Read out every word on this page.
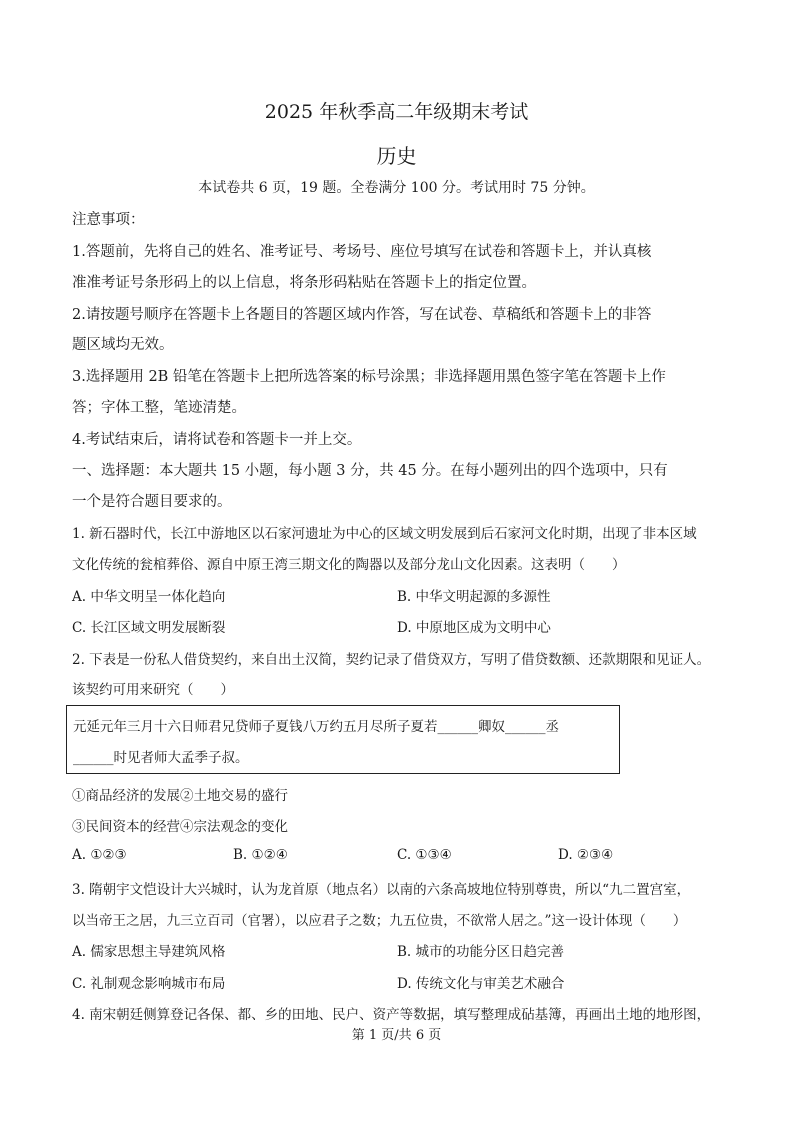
2025 年秋季高二年级期末考试
历史
本试卷共 6 页，19 题。全卷满分 100 分。考试用时 75 分钟。
注意事项：
1.答题前，先将自己的姓名、准考证号、考场号、座位号填写在试卷和答题卡上，并认真核
准准考证号条形码上的以上信息，将条形码粘贴在答题卡上的指定位置。
2.请按题号顺序在答题卡上各题目的答题区域内作答，写在试卷、草稿纸和答题卡上的非答
题区域均无效。
3.选择题用 2B 铅笔在答题卡上把所选答案的标号涂黑；非选择题用黑色签字笔在答题卡上作
答；字体工整，笔迹清楚。
4.考试结束后，请将试卷和答题卡一并上交。
一、选择题：本大题共 15 小题，每小题 3 分，共 45 分。在每小题列出的四个选项中，只有
一个是符合题目要求的。
1. 新石器时代，长江中游地区以石家河遗址为中心的区域文明发展到后石家河文化时期，出现了非本区域
文化传统的瓮棺葬俗、源自中原王湾三期文化的陶器以及部分龙山文化因素。这表明（　　）
A. 中华文明呈一体化趋向	B. 中华文明起源的多源性
C. 长江区域文明发展断裂	D. 中原地区成为文明中心
2. 下表是一份私人借贷契约，来自出土汉简，契约记录了借贷双方，写明了借贷数额、还款期限和见证人。
该契约可用来研究（　　）
元延元年三月十六日师君兄贷师子夏钱八万约五月尽所子夏若______卿奴______丞
______时见者师大孟季子叔。
①商品经济的发展②土地交易的盛行
③民间资本的经营④宗法观念的变化
A. ①②③	B. ①②④	C. ①③④	D. ②③④
3. 隋朝宇文恺设计大兴城时，认为龙首原（地点名）以南的六条高坡地位特别尊贵，所以“九二置宫室，
以当帝王之居，九三立百司（官署），以应君子之数；九五位贵，不欲常人居之。”这一设计体现（　　）
A. 儒家思想主导建筑风格	B. 城市的功能分区日趋完善
C. 礼制观念影响城市布局	D. 传统文化与审美艺术融合
4. 南宋朝廷侧算登记各保、都、乡的田地、民户、资产等数据，填写整理成砧基簿，再画出土地的地形图，
第 1 页/共 6 页
